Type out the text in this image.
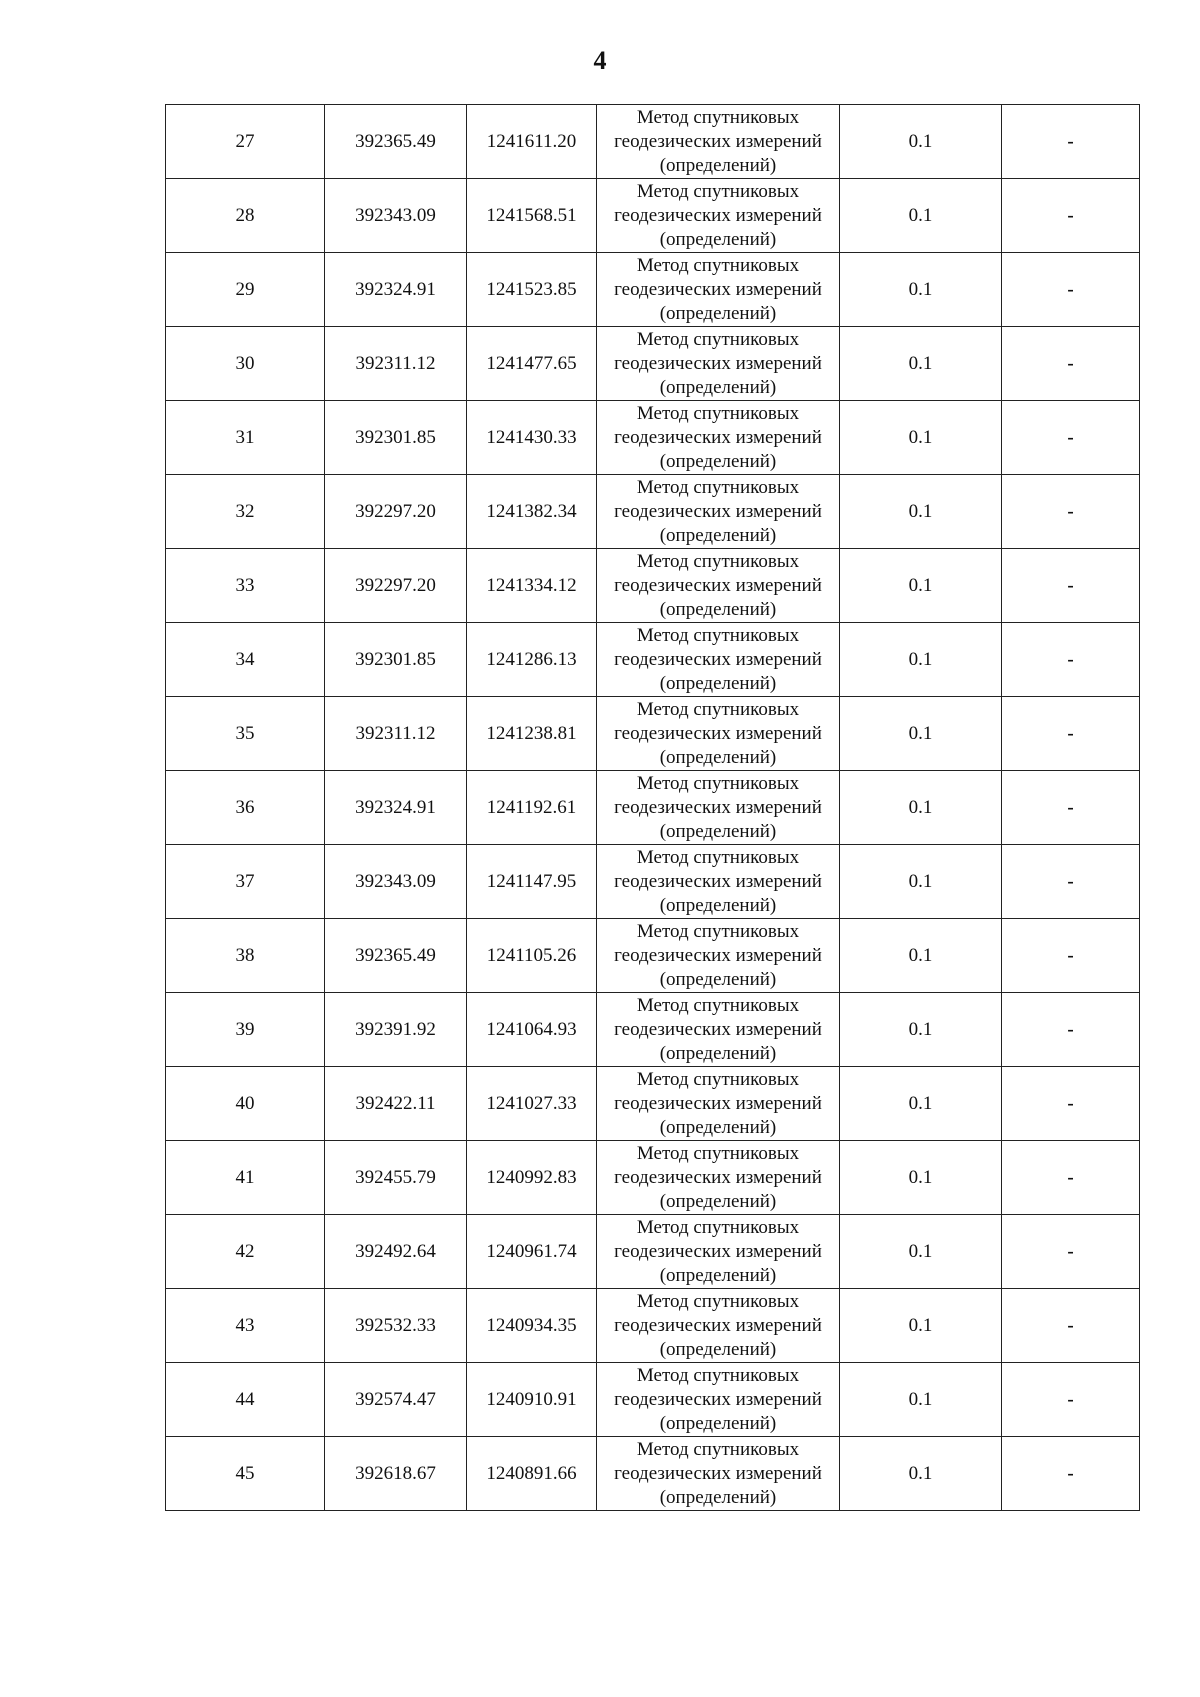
4
27	392365.49	1241611.20	Метод спутниковых
геодезических измерений
(определений)	0.1	-
28	392343.09	1241568.51	Метод спутниковых
геодезических измерений
(определений)	0.1	-
29	392324.91	1241523.85	Метод спутниковых
геодезических измерений
(определений)	0.1	-
30	392311.12	1241477.65	Метод спутниковых
геодезических измерений
(определений)	0.1	-
31	392301.85	1241430.33	Метод спутниковых
геодезических измерений
(определений)	0.1	-
32	392297.20	1241382.34	Метод спутниковых
геодезических измерений
(определений)	0.1	-
33	392297.20	1241334.12	Метод спутниковых
геодезических измерений
(определений)	0.1	-
34	392301.85	1241286.13	Метод спутниковых
геодезических измерений
(определений)	0.1	-
35	392311.12	1241238.81	Метод спутниковых
геодезических измерений
(определений)	0.1	-
36	392324.91	1241192.61	Метод спутниковых
геодезических измерений
(определений)	0.1	-
37	392343.09	1241147.95	Метод спутниковых
геодезических измерений
(определений)	0.1	-
38	392365.49	1241105.26	Метод спутниковых
геодезических измерений
(определений)	0.1	-
39	392391.92	1241064.93	Метод спутниковых
геодезических измерений
(определений)	0.1	-
40	392422.11	1241027.33	Метод спутниковых
геодезических измерений
(определений)	0.1	-
41	392455.79	1240992.83	Метод спутниковых
геодезических измерений
(определений)	0.1	-
42	392492.64	1240961.74	Метод спутниковых
геодезических измерений
(определений)	0.1	-
43	392532.33	1240934.35	Метод спутниковых
геодезических измерений
(определений)	0.1	-
44	392574.47	1240910.91	Метод спутниковых
геодезических измерений
(определений)	0.1	-
45	392618.67	1240891.66	Метод спутниковых
геодезических измерений
(определений)	0.1	-
